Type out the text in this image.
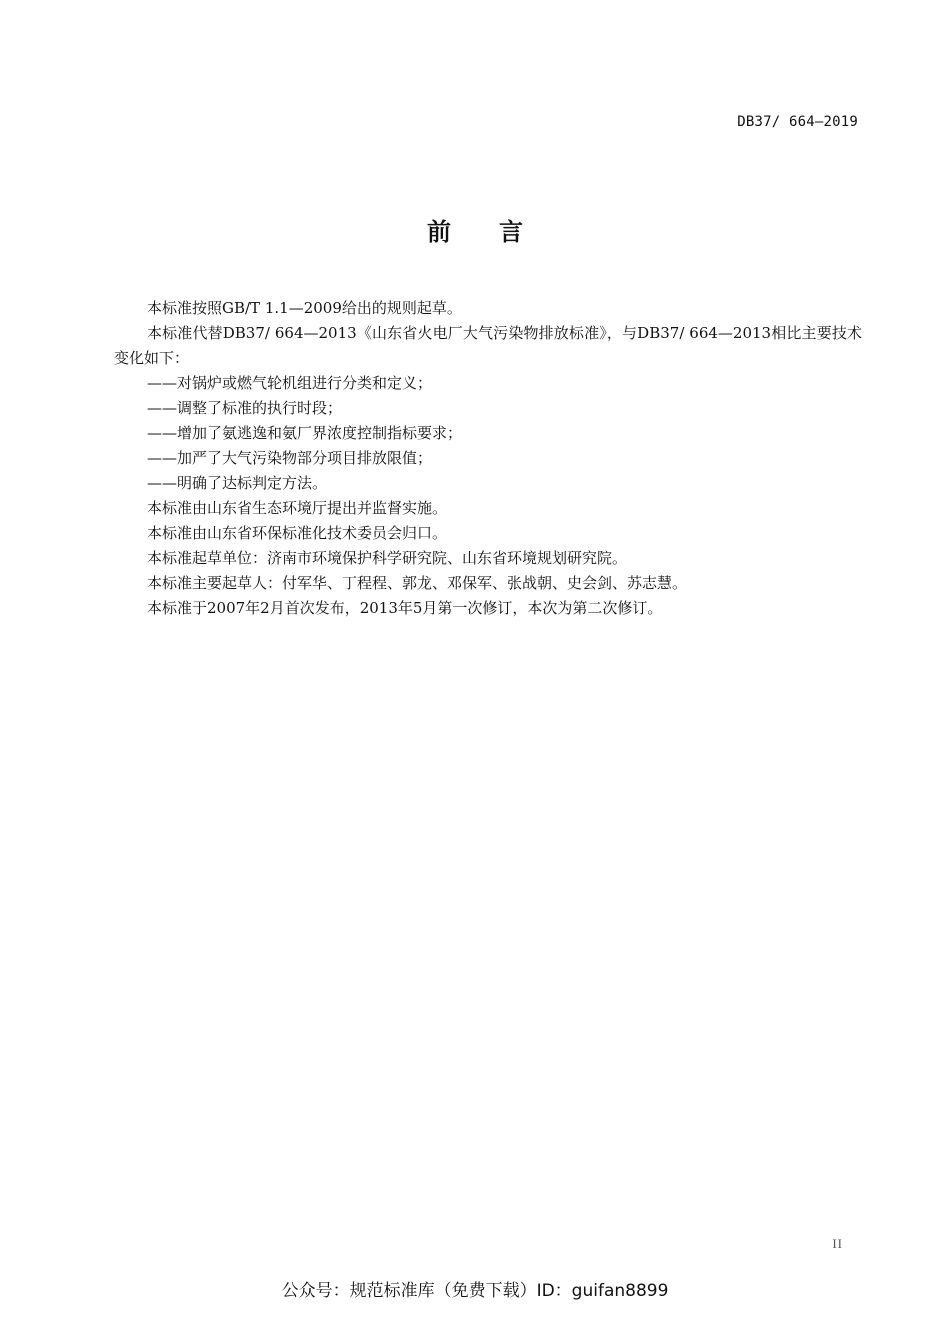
DB37/ 664—2019
前言

本标准按照GB/T 1.1—2009给出的规则起草。

本标准代替DB37/ 664—2013《山东省火电厂大气污染物排放标准》，与DB37/ 664—2013相比主要技术变化如下：

——对锅炉或燃气轮机组进行分类和定义；

——调整了标准的执行时段；

——增加了氨逃逸和氨厂界浓度控制指标要求；

——加严了大气污染物部分项目排放限值；

——明确了达标判定方法。

本标准由山东省生态环境厅提出并监督实施。

本标准由山东省环保标准化技术委员会归口。

本标准起草单位：济南市环境保护科学研究院、山东省环境规划研究院。

本标准主要起草人：付军华、丁程程、郭龙、邓保军、张战朝、史会剑、苏志慧。

本标准于2007年2月首次发布，2013年5月第一次修订，本次为第二次修订。

II
公众号：规范标准库（免费下载）ID：guifan8899
